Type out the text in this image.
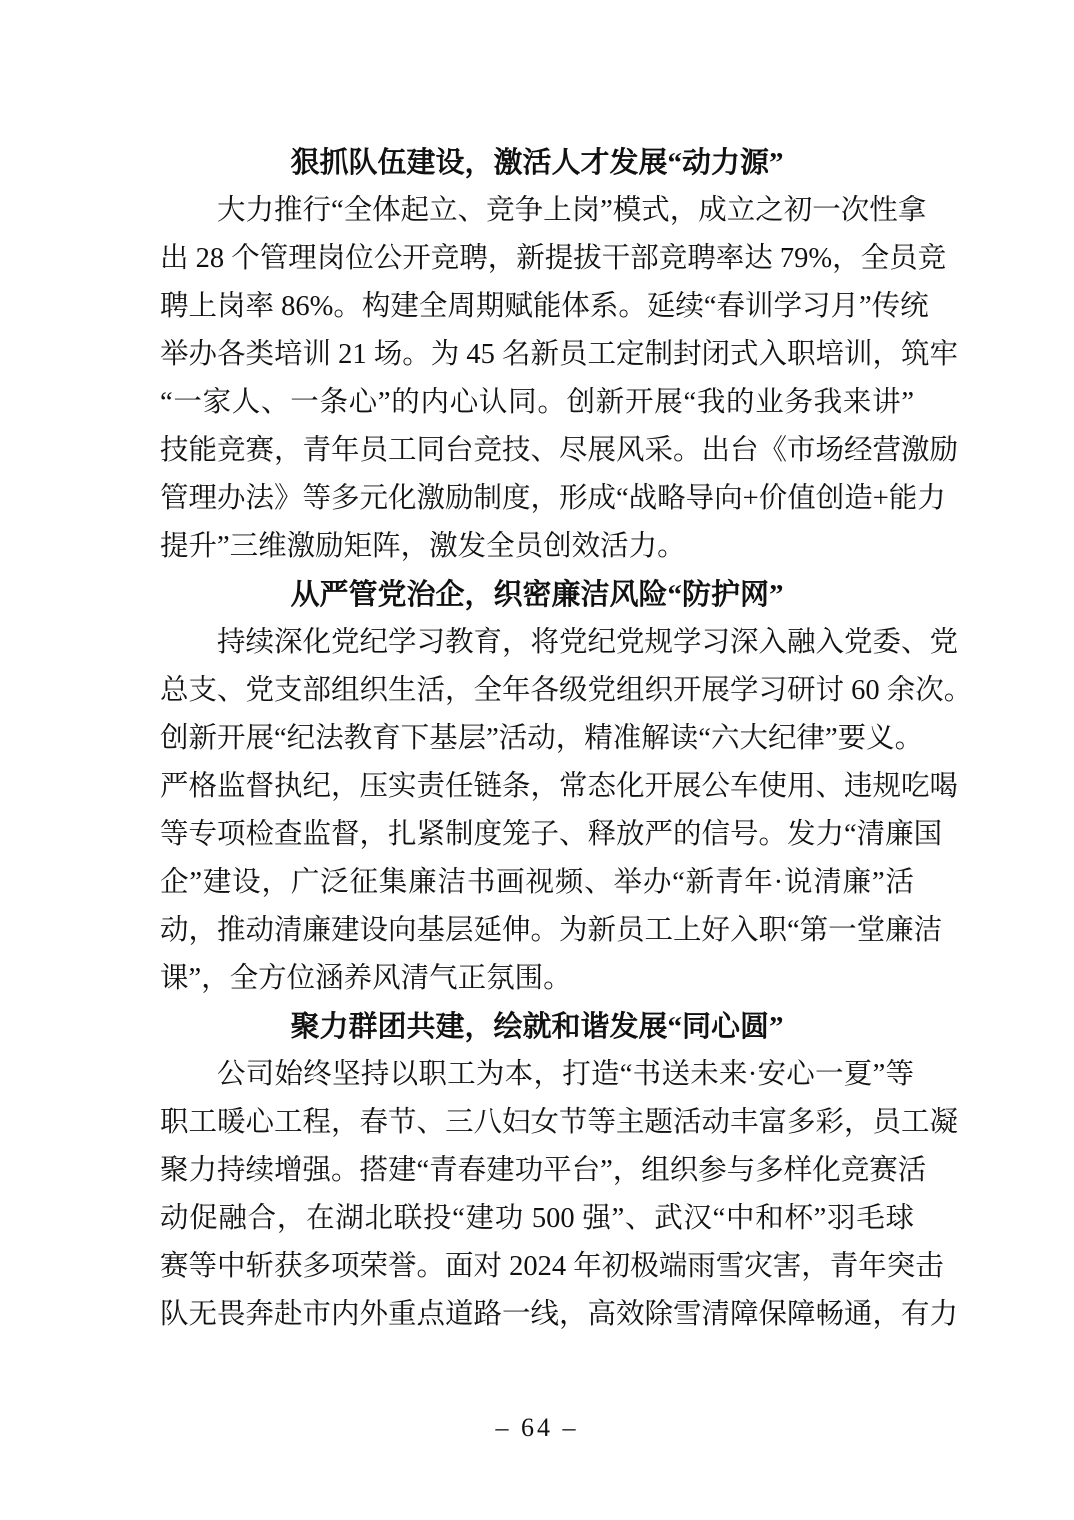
狠抓队伍建设，激活人才发展“动力源”

大力推行“全体起立、竞争上岗”模式，成立之初一次性拿

出 28 个管理岗位公开竞聘，新提拔干部竞聘率达 79%，全员竞

聘上岗率 86%。构建全周期赋能体系。延续“春训学习月”传统

举办各类培训 21 场。为 45 名新员工定制封闭式入职培训，筑牢

“一家人、一条心”的内心认同。创新开展“我的业务我来讲”

技能竞赛，青年员工同台竞技、尽展风采。出台《市场经营激励

管理办法》等多元化激励制度，形成“战略导向+价值创造+能力

提升”三维激励矩阵，激发全员创效活力。

从严管党治企，织密廉洁风险“防护网”

持续深化党纪学习教育，将党纪党规学习深入融入党委、党

总支、党支部组织生活，全年各级党组织开展学习研讨 60 余次。

创新开展“纪法教育下基层”活动，精准解读“六大纪律”要义。

严格监督执纪，压实责任链条，常态化开展公车使用、违规吃喝

等专项检查监督，扎紧制度笼子、释放严的信号。发力“清廉国

企”建设，广泛征集廉洁书画视频、举办“新青年·说清廉”活

动，推动清廉建设向基层延伸。为新员工上好入职“第一堂廉洁

课”，全方位涵养风清气正氛围。

聚力群团共建，绘就和谐发展“同心圆”

公司始终坚持以职工为本，打造“书送未来·安心一夏”等

职工暖心工程，春节、三八妇女节等主题活动丰富多彩，员工凝

聚力持续增强。搭建“青春建功平台”，组织参与多样化竞赛活

动促融合，在湖北联投“建功 500 强”、武汉“中和杯”羽毛球

赛等中斩获多项荣誉。面对 2024 年初极端雨雪灾害，青年突击

队无畏奔赴市内外重点道路一线，高效除雪清障保障畅通，有力

– 64 –
